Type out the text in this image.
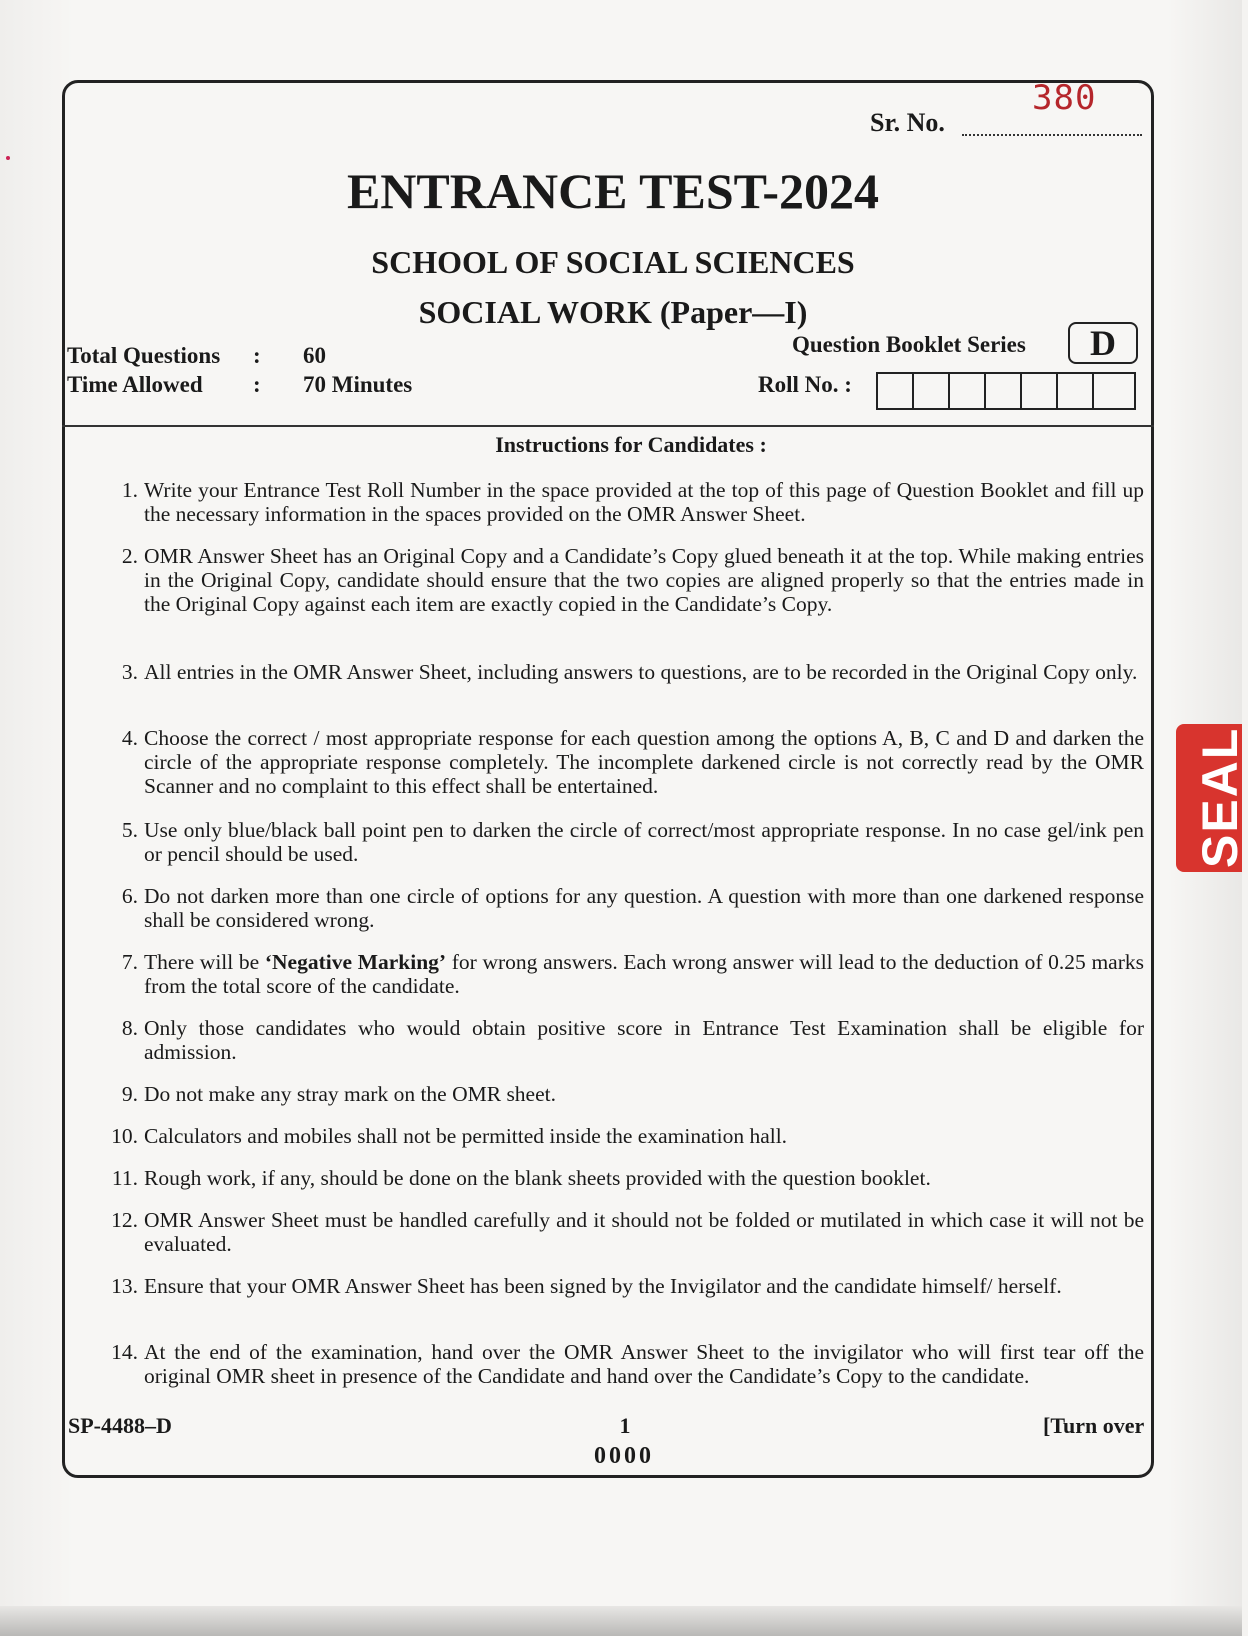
Sr. No.
380
ENTRANCE TEST-2024
SCHOOL OF SOCIAL SCIENCES
SOCIAL WORK (Paper—I)
Total Questions : 60
Time Allowed : 70 Minutes
Question Booklet Series	D
Roll No. :
Instructions for Candidates :
1. Write your Entrance Test Roll Number in the space provided at the top of this page of Question Booklet and fill up the necessary information in the spaces provided on the OMR Answer Sheet.
2. OMR Answer Sheet has an Original Copy and a Candidate’s Copy glued beneath it at the top. While making entries in the Original Copy, candidate should ensure that the two copies are aligned properly so that the entries made in the Original Copy against each item are exactly copied in the Candidate’s Copy.
3. All entries in the OMR Answer Sheet, including answers to questions, are to be recorded in the Original Copy only.
4. Choose the correct / most appropriate response for each question among the options A, B, C and D and darken the circle of the appropriate response completely. The incomplete darkened circle is not correctly read by the OMR Scanner and no complaint to this effect shall be entertained.
5. Use only blue/black ball point pen to darken the circle of correct/most appropriate response. In no case gel/ink pen or pencil should be used.
6. Do not darken more than one circle of options for any question. A question with more than one darkened response shall be considered wrong.
7. There will be ‘Negative Marking’ for wrong answers. Each wrong answer will lead to the deduction of 0.25 marks from the total score of the candidate.
8. Only those candidates who would obtain positive score in Entrance Test Examination shall be eligible for admission.
9. Do not make any stray mark on the OMR sheet.
10. Calculators and mobiles shall not be permitted inside the examination hall.
11. Rough work, if any, should be done on the blank sheets provided with the question booklet.
12. OMR Answer Sheet must be handled carefully and it should not be folded or mutilated in which case it will not be evaluated.
13. Ensure that your OMR Answer Sheet has been signed by the Invigilator and the candidate himself/ herself.
14. At the end of the examination, hand over the OMR Answer Sheet to the invigilator who will first tear off the original OMR sheet in presence of the Candidate and hand over the Candidate’s Copy to the candidate.
SP-4488–D	1	[Turn over
0000
SEAL
